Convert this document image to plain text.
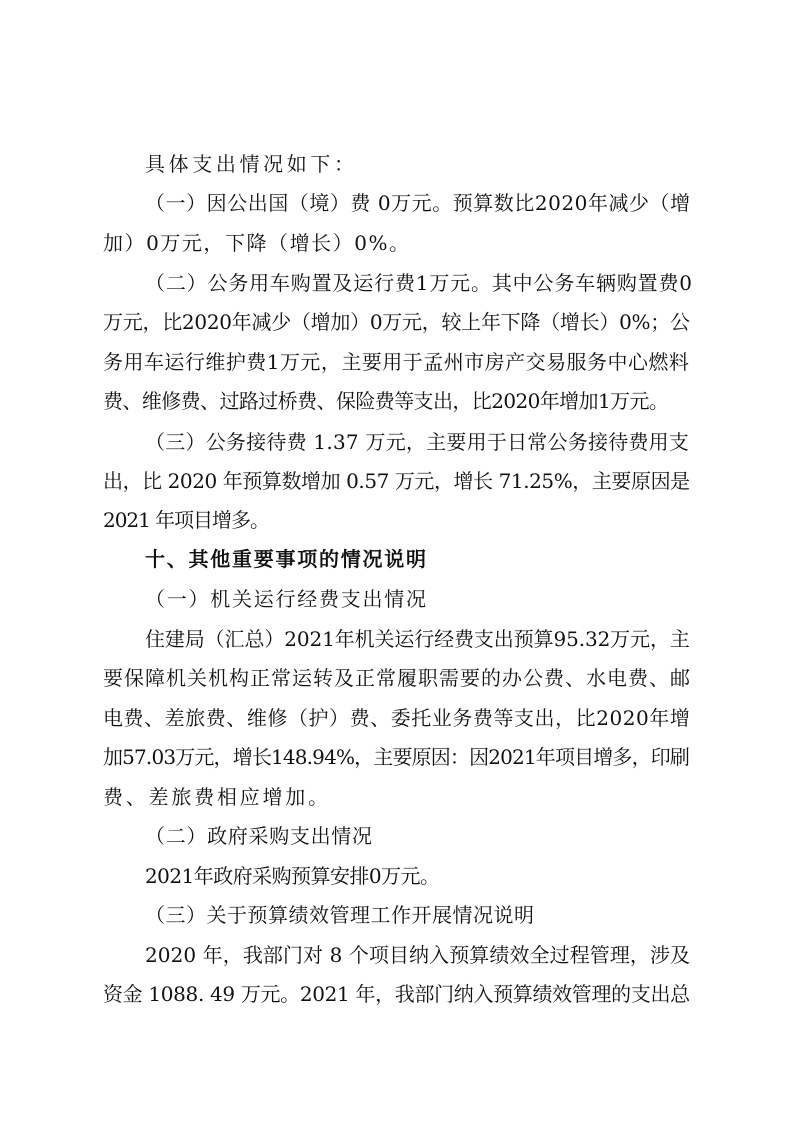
具体支出情况如下：
（一）因公出国（境）费 0万元。预算数比2020年减少（增
加）0万元，下降（增长）0%。
（二）公务用车购置及运行费1万元。其中公务车辆购置费0
万元，比2020年减少（增加）0万元，较上年下降（增长）0%；公
务用车运行维护费1万元，主要用于孟州市房产交易服务中心燃料
费、维修费、过路过桥费、保险费等支出，比2020年增加1万元。
（三）公务接待费 1.37 万元，主要用于日常公务接待费用支
出，比 2020 年预算数增加 0.57 万元，增长 71.25%，主要原因是
2021 年项目增多。
十、其他重要事项的情况说明
（一）机关运行经费支出情况
住建局（汇总）2021年机关运行经费支出预算95.32万元，主
要保障机关机构正常运转及正常履职需要的办公费、水电费、邮
电费、差旅费、维修（护）费、委托业务费等支出，比2020年增
加57.03万元，增长148.94%，主要原因：因2021年项目增多，印刷
费、差旅费相应增加。
（二）政府采购支出情况
2021年政府采购预算安排0万元。
（三）关于预算绩效管理工作开展情况说明
2020 年，我部门对 8 个项目纳入预算绩效全过程管理，涉及
资金 1088. 49 万元。2021 年，我部门纳入预算绩效管理的支出总
